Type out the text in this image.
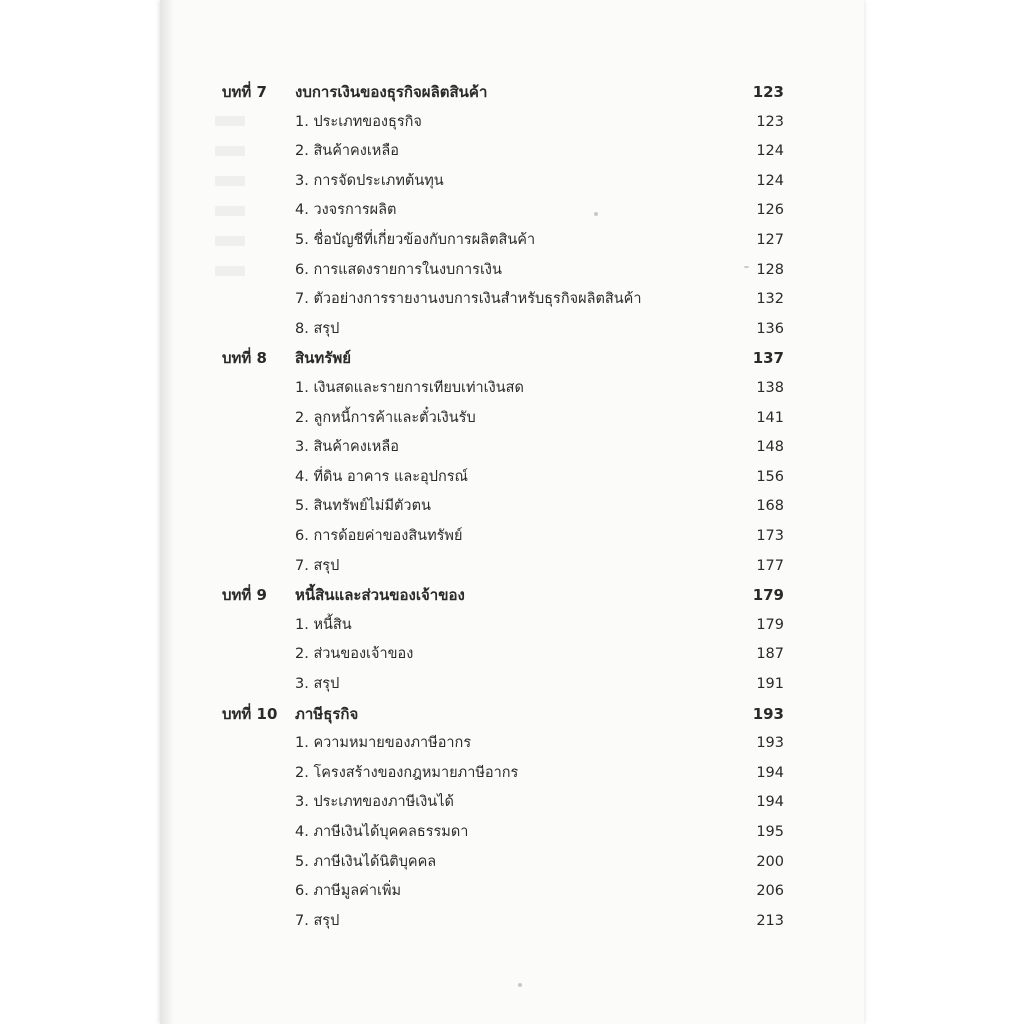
บทที่ 7	งบการเงินของธุรกิจผลิตสินค้า	123
1. ประเภทของธุรกิจ	123
2. สินค้าคงเหลือ	124
3. การจัดประเภทต้นทุน	124
4. วงจรการผลิต	126
5. ชื่อบัญชีที่เกี่ยวข้องกับการผลิตสินค้า	127
6. การแสดงรายการในงบการเงิน	128
7. ตัวอย่างการรายงานงบการเงินสำหรับธุรกิจผลิตสินค้า	132
8. สรุป	136
บทที่ 8	สินทรัพย์	137
1. เงินสดและรายการเทียบเท่าเงินสด	138
2. ลูกหนี้การค้าและตั๋วเงินรับ	141
3. สินค้าคงเหลือ	148
4. ที่ดิน อาคาร และอุปกรณ์	156
5. สินทรัพย์ไม่มีตัวตน	168
6. การด้อยค่าของสินทรัพย์	173
7. สรุป	177
บทที่ 9	หนี้สินและส่วนของเจ้าของ	179
1. หนี้สิน	179
2. ส่วนของเจ้าของ	187
3. สรุป	191
บทที่ 10	ภาษีธุรกิจ	193
1. ความหมายของภาษีอากร	193
2. โครงสร้างของกฎหมายภาษีอากร	194
3. ประเภทของภาษีเงินได้	194
4. ภาษีเงินได้บุคคลธรรมดา	195
5. ภาษีเงินได้นิติบุคคล	200
6. ภาษีมูลค่าเพิ่ม	206
7. สรุป	213
